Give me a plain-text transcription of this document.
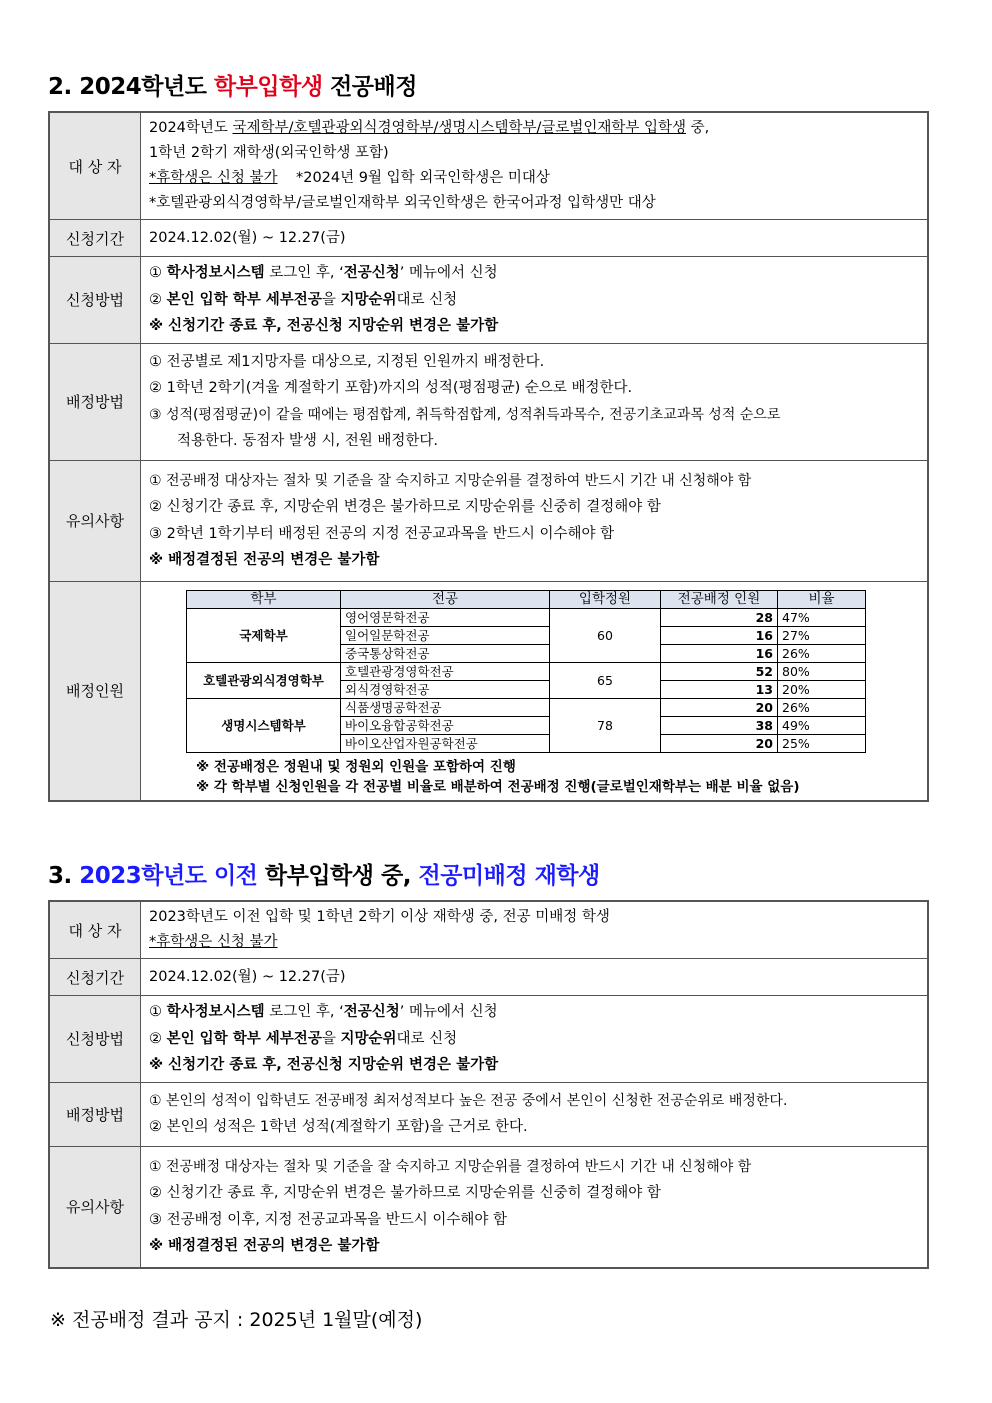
2. 2024학년도 학부입학생 전공배정
대 상 자	
2024학년도 국제학부/호텔관광외식경영학부/생명시스템학부/글로벌인재학부 입학생 중,
1학년 2학기 재학생(외국인학생 포함)
*휴학생은 신청 불가 *2024년 9월 입학 외국인학생은 미대상
*호텔관광외식경영학부/글로벌인재학부 외국인학생은 한국어과정 입학생만 대상

신청기간	2024.12.02(월) ~ 12.27(금)
신청방법	
① 학사정보시스템 로그인 후, ‘전공신청’ 메뉴에서 신청
② 본인 입학 학부 세부전공을 지망순위대로 신청
※ 신청기간 종료 후, 전공신청 지망순위 변경은 불가함

배정방법	
① 전공별로 제1지망자를 대상으로, 지정된 인원까지 배정한다.
② 1학년 2학기(겨울 계절학기 포함)까지의 성적(평점평균) 순으로 배정한다.
③ 성적(평점평균)이 같을 때에는 평점합계, 취득학점합계, 성적취득과목수, 전공기초교과목 성적 순으로
적용한다. 동점자 발생 시, 전원 배정한다.

유의사항	
① 전공배정 대상자는 절차 및 기준을 잘 숙지하고 지망순위를 결정하여 반드시 기간 내 신청해야 함
② 신청기간 종료 후, 지망순위 변경은 불가하므로 지망순위를 신중히 결정해야 함
③ 2학년 1학기부터 배정된 전공의 지정 전공교과목을 반드시 이수해야 함
※ 배정결정된 전공의 변경은 불가함

배정인원	
학부	전공	입학정원	전공배정 인원	비율
국제학부	영어영문학전공	60	28	47%
일어일문학전공	16	27%
중국통상학전공	16	26%
호텔관광외식경영학부	호텔관광경영학전공	65	52	80%
외식경영학전공	13	20%
생명시스템학부	식품생명공학전공	78	20	26%
바이오융합공학전공	38	49%
바이오산업자원공학전공	20	25%
※ 전공배정은 정원내 및 정원외 인원을 포함하여 진행
※ 각 학부별 신청인원을 각 전공별 비율로 배분하여 전공배정 진행(글로벌인재학부는 배분 비율 없음)
3. 2023학년도 이전 학부입학생 중, 전공미배정 재학생
대 상 자	2023학년도 이전 입학 및 1학년 2학기 이상 재학생 중, 전공 미배정 학생
*휴학생은 신청 불가
신청기간	2024.12.02(월) ~ 12.27(금)
신청방법	① 학사정보시스템 로그인 후, ‘전공신청’ 메뉴에서 신청
② 본인 입학 학부 세부전공을 지망순위대로 신청
※ 신청기간 종료 후, 전공신청 지망순위 변경은 불가함

배정방법	① 본인의 성적이 입학년도 전공배정 최저성적보다 높은 전공 중에서 본인이 신청한 전공순위로 배정한다.
② 본인의 성적은 1학년 성적(계절학기 포함)을 근거로 한다.

유의사항	① 전공배정 대상자는 절차 및 기준을 잘 숙지하고 지망순위를 결정하여 반드시 기간 내 신청해야 함
② 신청기간 종료 후, 지망순위 변경은 불가하므로 지망순위를 신중히 결정해야 함
③ 전공배정 이후, 지정 전공교과목을 반드시 이수해야 함
※ 배정결정된 전공의 변경은 불가함
※ 전공배정 결과 공지 : 2025년 1월말(예정)
